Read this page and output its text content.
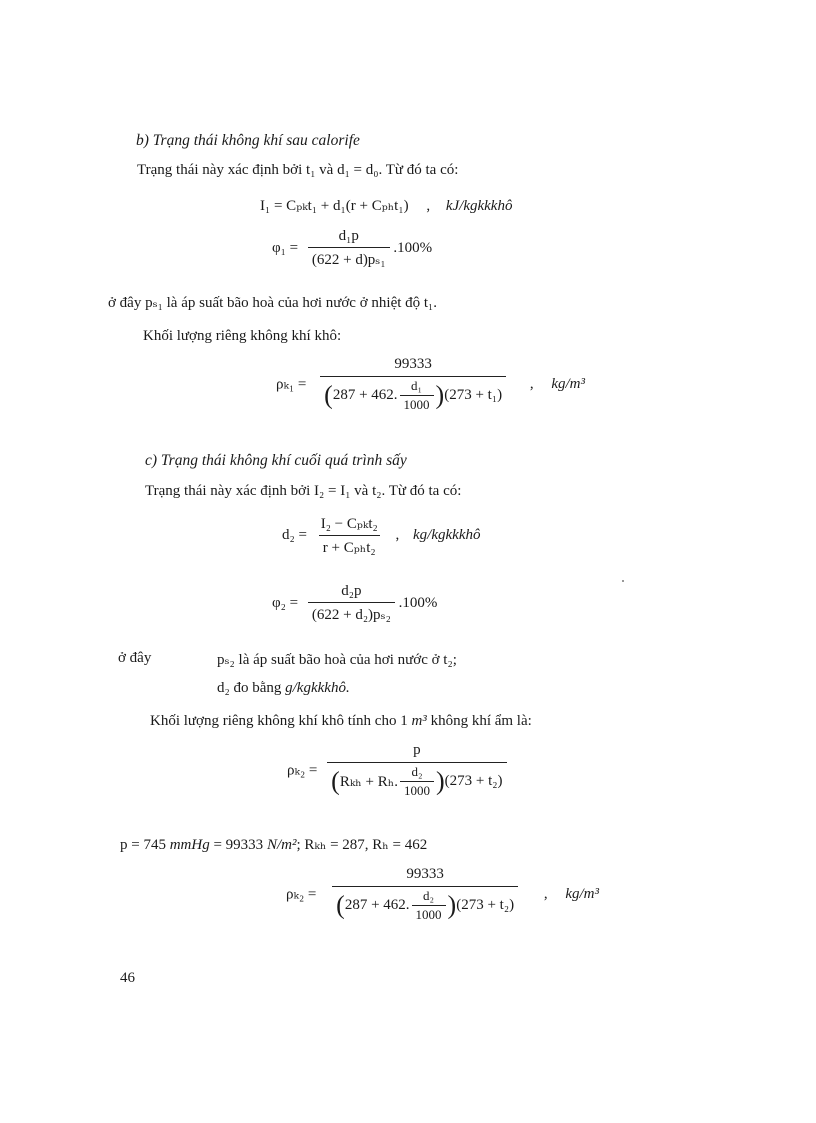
b) Trạng thái không khí sau calorife
Trạng thái này xác định bởi t₁ và d₁ = d₀. Từ đó ta có:
I₁ = Cₚₖt₁ + d₁(r + Cₚₕt₁) , kJ/kgkkkhô
$\varphi_1 = \frac{\text{d₁p}}{\text{(622 + d)pₛ₁}} .100\%$
ở đây pₛ₁ là áp suất bão hoà của hơi nước ở nhiệt độ t₁.
Khối lượng riêng không khí khô:
$\rho_{k1} = \frac{99333}{(287 + 462. \frac{\text{d₁}}{1000} )(273 + t_1)}$ , kg/m³
c) Trạng thái không khí cuối quá trình sấy
Trạng thái này xác định bởi I₂ = I₁ và t₂. Từ đó ta có:
$d_2 = \frac{\text{I₂ − Cₚₖt₂}}{\text{r + Cₚₕt₂}}$ , kg/kgkkkhô
$\varphi_2 = \frac{\text{d₂p}}{\text{(622 + d₂)pₛ₂}} .100\%$
ở đây	pₛ₂ là áp suất bão hoà của hơi nước ở t₂;
d₂ đo bằng g/kgkkkhô.
Khối lượng riêng không khí khô tính cho 1 m³ không khí ẩm là:
$\rho_{k2} = \frac{p}{(R_{kh} + R_h. \frac{\text{d₂}}{1000} )(273 + t_2)}$
p = 745 mmHg = 99333 N/m²; Rₖₕ = 287, Rₕ = 462
$\rho_{k2} = \frac{99333}{(287 + 462. \frac{\text{d₂}}{1000} )(273 + t_2)}$ , kg/m³
46
